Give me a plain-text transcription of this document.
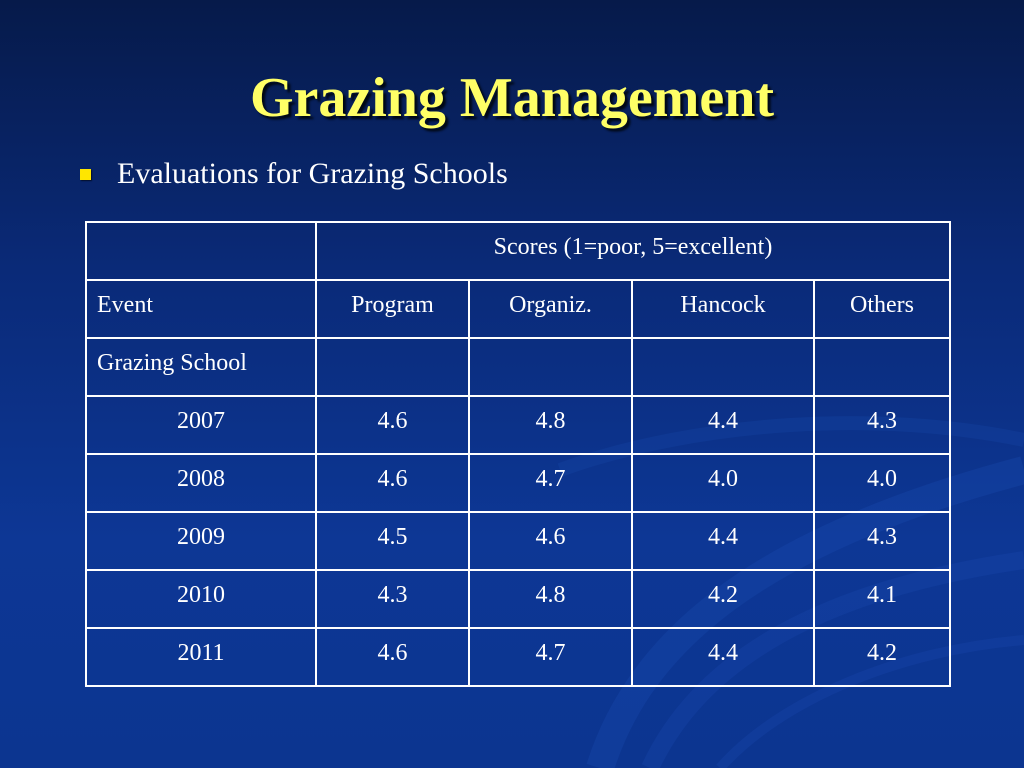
Grazing Management
Evaluations for Grazing Schools

	Scores (1=poor, 5=excellent)			

Event	Program	Organiz.	Hancock	Others

Grazing School				

2007	4.6	4.8	4.4	4.3

2008	4.6	4.7	4.0	4.0

2009	4.5	4.6	4.4	4.3

2010	4.3	4.8	4.2	4.1

2011	4.6	4.7	4.4	4.2
